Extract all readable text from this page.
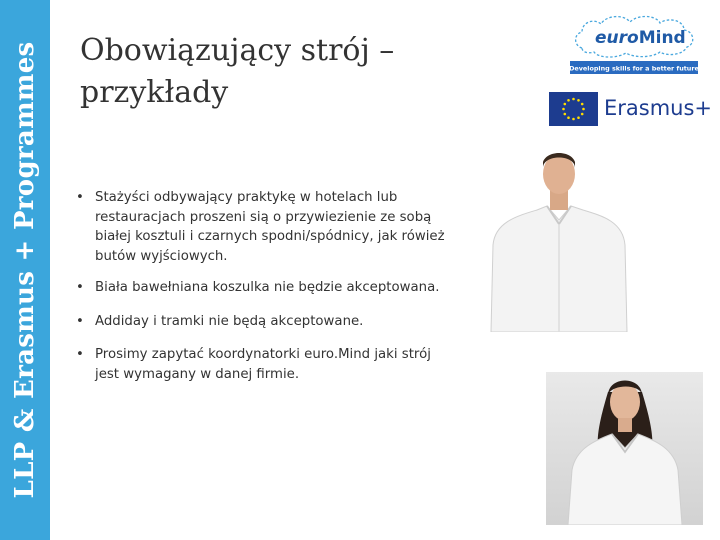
LLP & Erasmus + Programmes Obowiązujący strój –
przykłady
• Stażyści odbywający praktykę w hotelach lub restauracjach proszeni sią o przywiezienie ze sobą białej kosztuli i czarnych spodni/spódnicy, jak rówież butów wyjściowych.
• Biała bawełniana koszulka nie będzie akceptowana.
• Addiday i tramki nie będą akceptowane.
• Prosimy zapytać koordynatorki euro.Mind jaki strój jest wymagany w danej firmie.
euroMind
Developing skills for a better future
Erasmus+
